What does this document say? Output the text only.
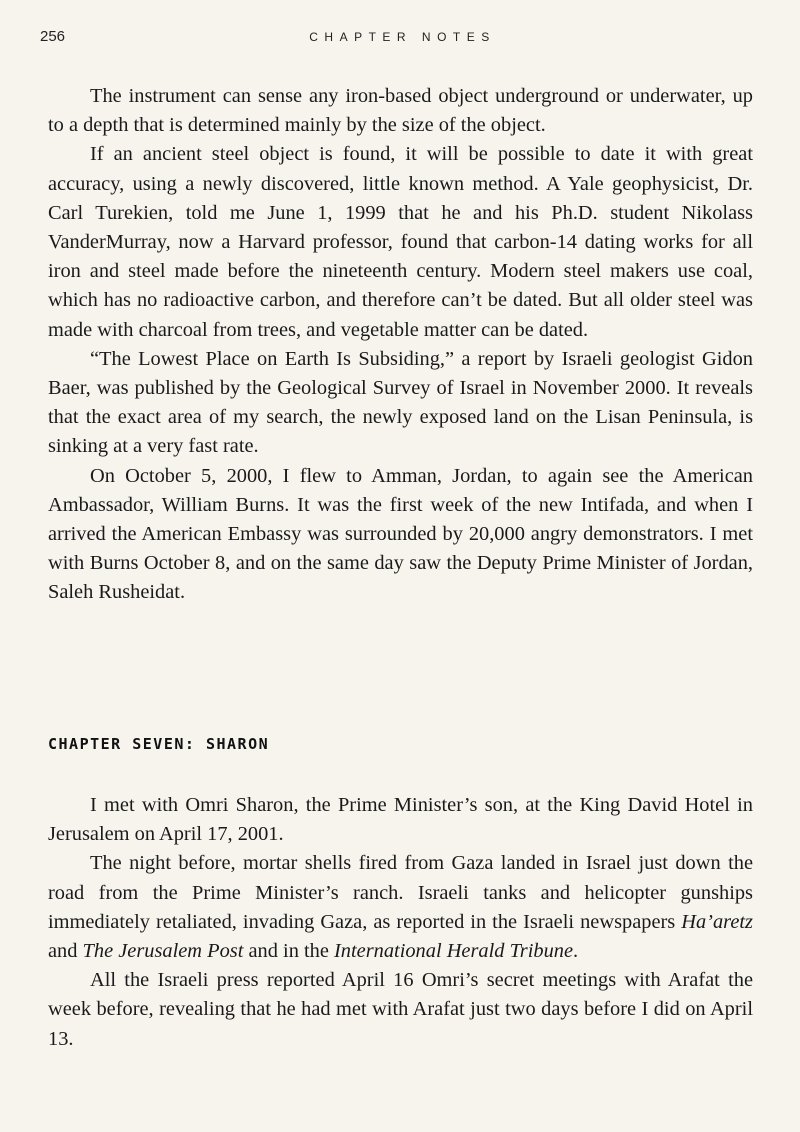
256	CHAPTER NOTES

The instrument can sense any iron-based object underground or underwater, up to a depth that is determined mainly by the size of the object.

If an ancient steel object is found, it will be possible to date it with great accuracy, using a newly discovered, little known method. A Yale geophysicist, Dr. Carl Turekien, told me June 1, 1999 that he and his Ph.D. student Nikolass VanderMurray, now a Harvard professor, found that carbon-14 dating works for all iron and steel made before the nineteenth century. Modern steel makers use coal, which has no radioactive carbon, and therefore can’t be dated. But all older steel was made with charcoal from trees, and vegetable matter can be dated.

“The Lowest Place on Earth Is Subsiding,” a report by Israeli geologist Gidon Baer, was published by the Geological Survey of Israel in November 2000. It reveals that the exact area of my search, the newly exposed land on the Lisan Peninsula, is sinking at a very fast rate.

On October 5, 2000, I flew to Amman, Jordan, to again see the American Ambassador, William Burns. It was the first week of the new Intifada, and when I arrived the American Embassy was surrounded by 20,000 angry demonstrators. I met with Burns October 8, and on the same day saw the Deputy Prime Minister of Jordan, Saleh Rusheidat.

CHAPTER SEVEN: SHARON

I met with Omri Sharon, the Prime Minister’s son, at the King David Hotel in Jerusalem on April 17, 2001.

The night before, mortar shells fired from Gaza landed in Israel just down the road from the Prime Minister’s ranch. Israeli tanks and helicopter gunships immediately retaliated, invading Gaza, as reported in the Israeli newspapers Ha’aretz and The Jerusalem Post and in the International Herald Tribune.

All the Israeli press reported April 16 Omri’s secret meetings with Arafat the week before, revealing that he had met with Arafat just two days before I did on April 13.
